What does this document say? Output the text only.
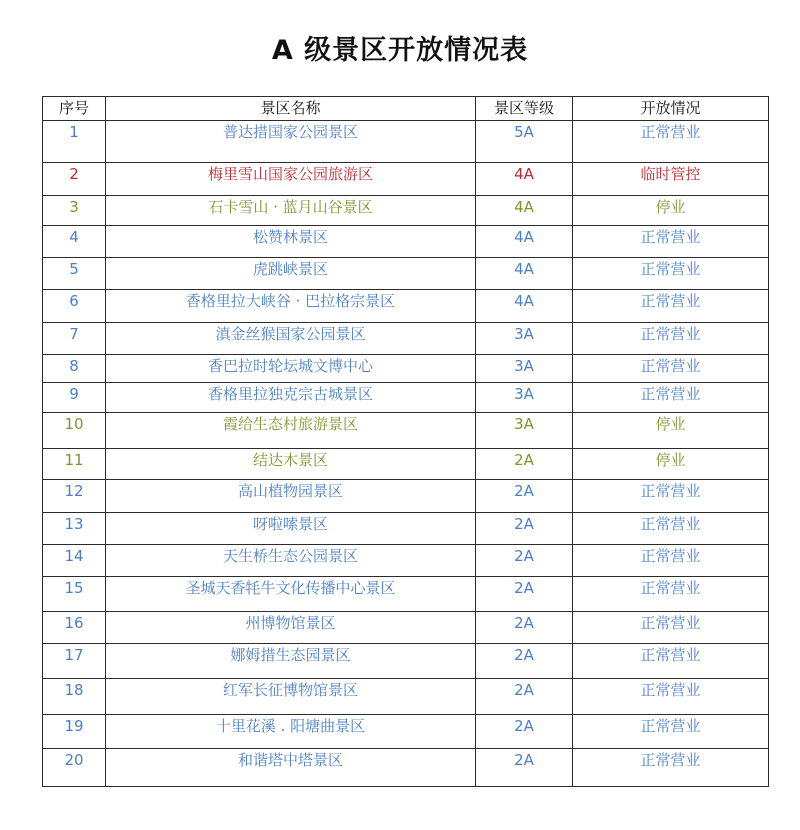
A 级景区开放情况表
序号	景区名称	景区等级	开放情况
1	普达措国家公园景区	5A	正常营业
2	梅里雪山国家公园旅游区	4A	临时管控
3	石卡雪山 · 蓝月山谷景区	4A	停业
4	松赞林景区	4A	正常营业
5	虎跳峡景区	4A	正常营业
6	香格里拉大峡谷 · 巴拉格宗景区	4A	正常营业
7	滇金丝猴国家公园景区	3A	正常营业
8	香巴拉时轮坛城文博中心	3A	正常营业
9	香格里拉独克宗古城景区	3A	正常营业
10	霞给生态村旅游景区	3A	停业
11	结达木景区	2A	停业
12	高山植物园景区	2A	正常营业
13	呀啦嗦景区	2A	正常营业
14	天生桥生态公园景区	2A	正常营业
15	圣城天香牦牛文化传播中心景区	2A	正常营业
16	州博物馆景区	2A	正常营业
17	娜姆措生态园景区	2A	正常营业
18	红军长征博物馆景区	2A	正常营业
19	十里花溪 . 阳塘曲景区	2A	正常营业
20	和谐塔中塔景区	2A	正常营业
